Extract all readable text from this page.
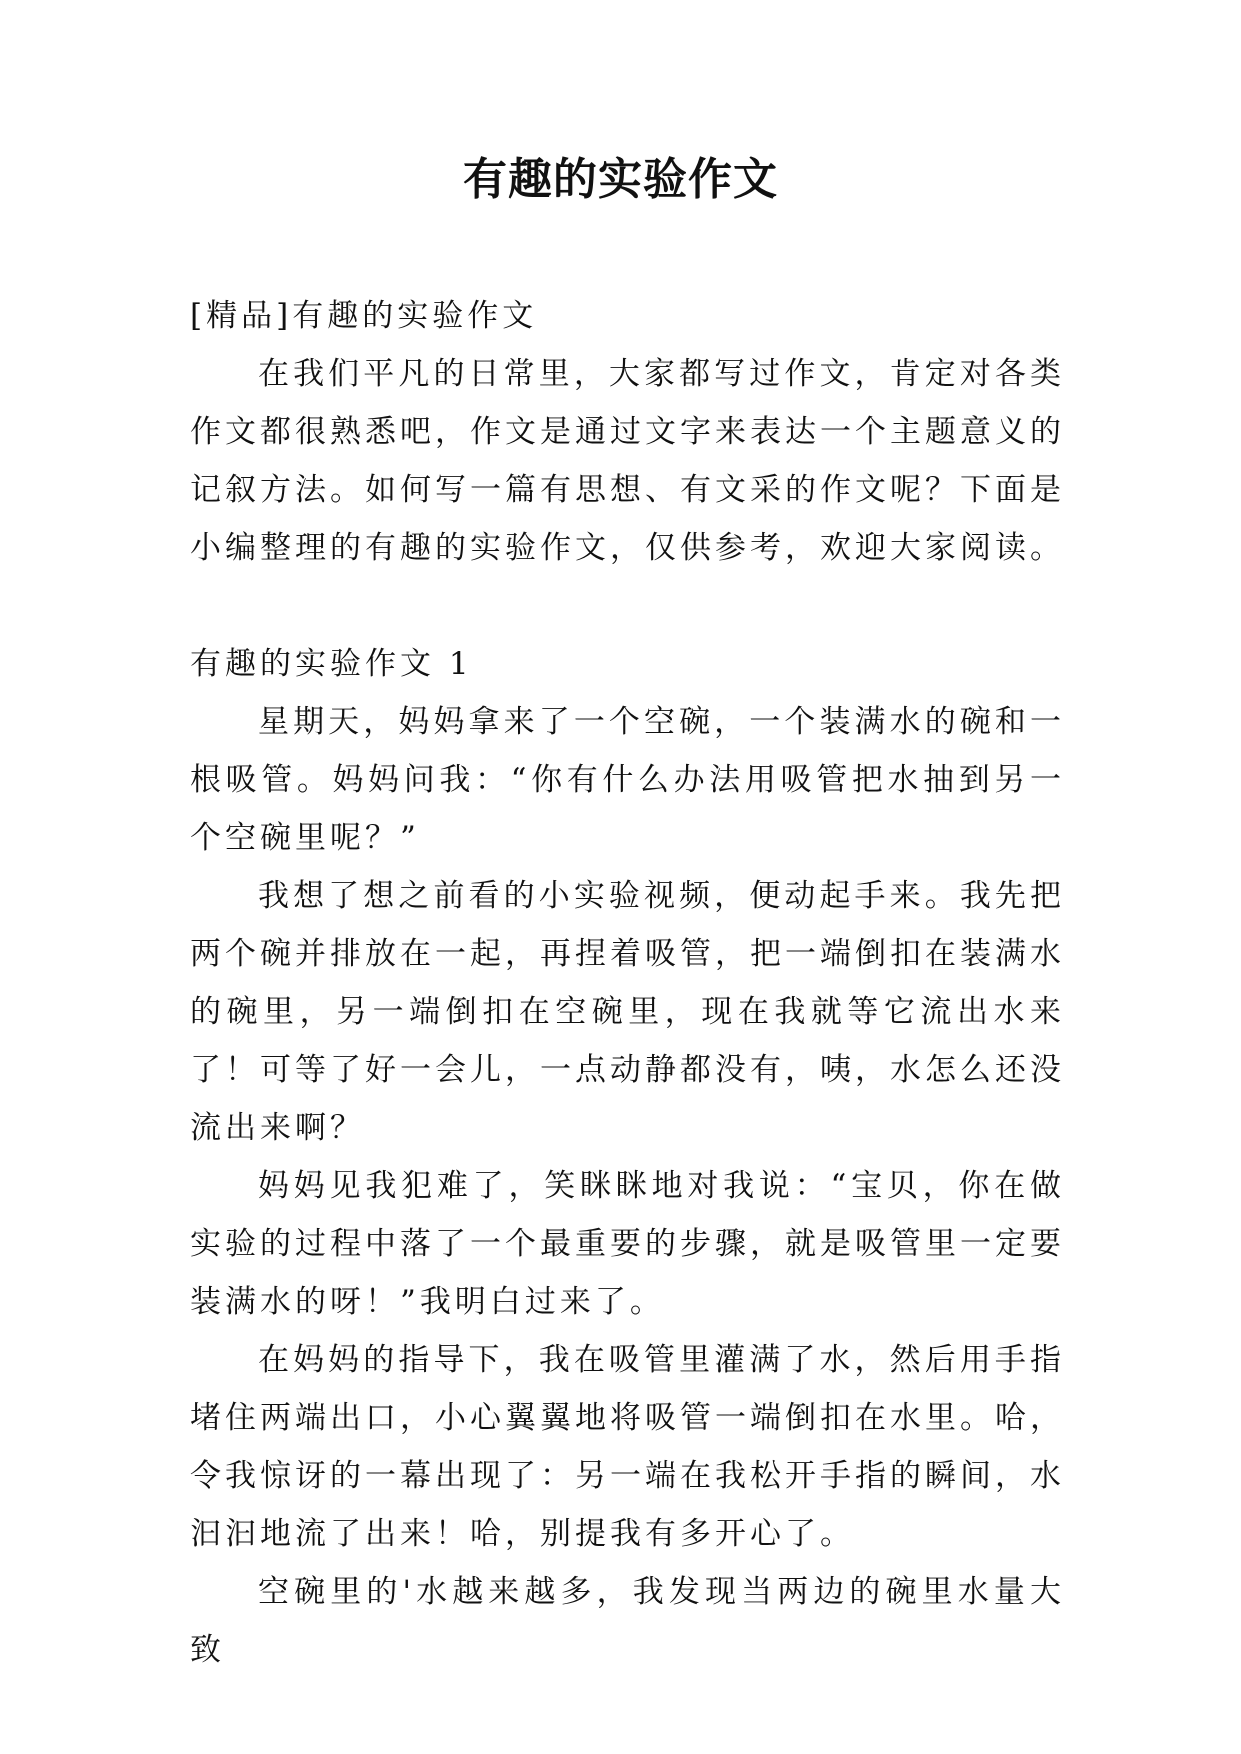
有趣的实验作文

[精品]有趣的实验作文

在我们平凡的日常里，大家都写过作文，肯定对各类作文都很熟悉吧，作文是通过文字来表达一个主题意义的记叙方法。如何写一篇有思想、有文采的作文呢？下面是小编整理的有趣的实验作文，仅供参考，欢迎大家阅读。

有趣的实验作文 1

星期天，妈妈拿来了一个空碗，一个装满水的碗和一根吸管。妈妈问我：“你有什么办法用吸管把水抽到另一个空碗里呢？”

我想了想之前看的小实验视频，便动起手来。我先把两个碗并排放在一起，再捏着吸管，把一端倒扣在装满水的碗里，另一端倒扣在空碗里，现在我就等它流出水来了！可等了好一会儿，一点动静都没有，咦，水怎么还没流出来啊？

妈妈见我犯难了，笑眯眯地对我说：“宝贝，你在做实验的过程中落了一个最重要的步骤，就是吸管里一定要装满水的呀！”我明白过来了。

在妈妈的指导下，我在吸管里灌满了水，然后用手指堵住两端出口，小心翼翼地将吸管一端倒扣在水里。哈，令我惊讶的一幕出现了：另一端在我松开手指的瞬间，水汩汩地流了出来！哈，别提我有多开心了。

空碗里的'水越来越多，我发现当两边的碗里水量大致
